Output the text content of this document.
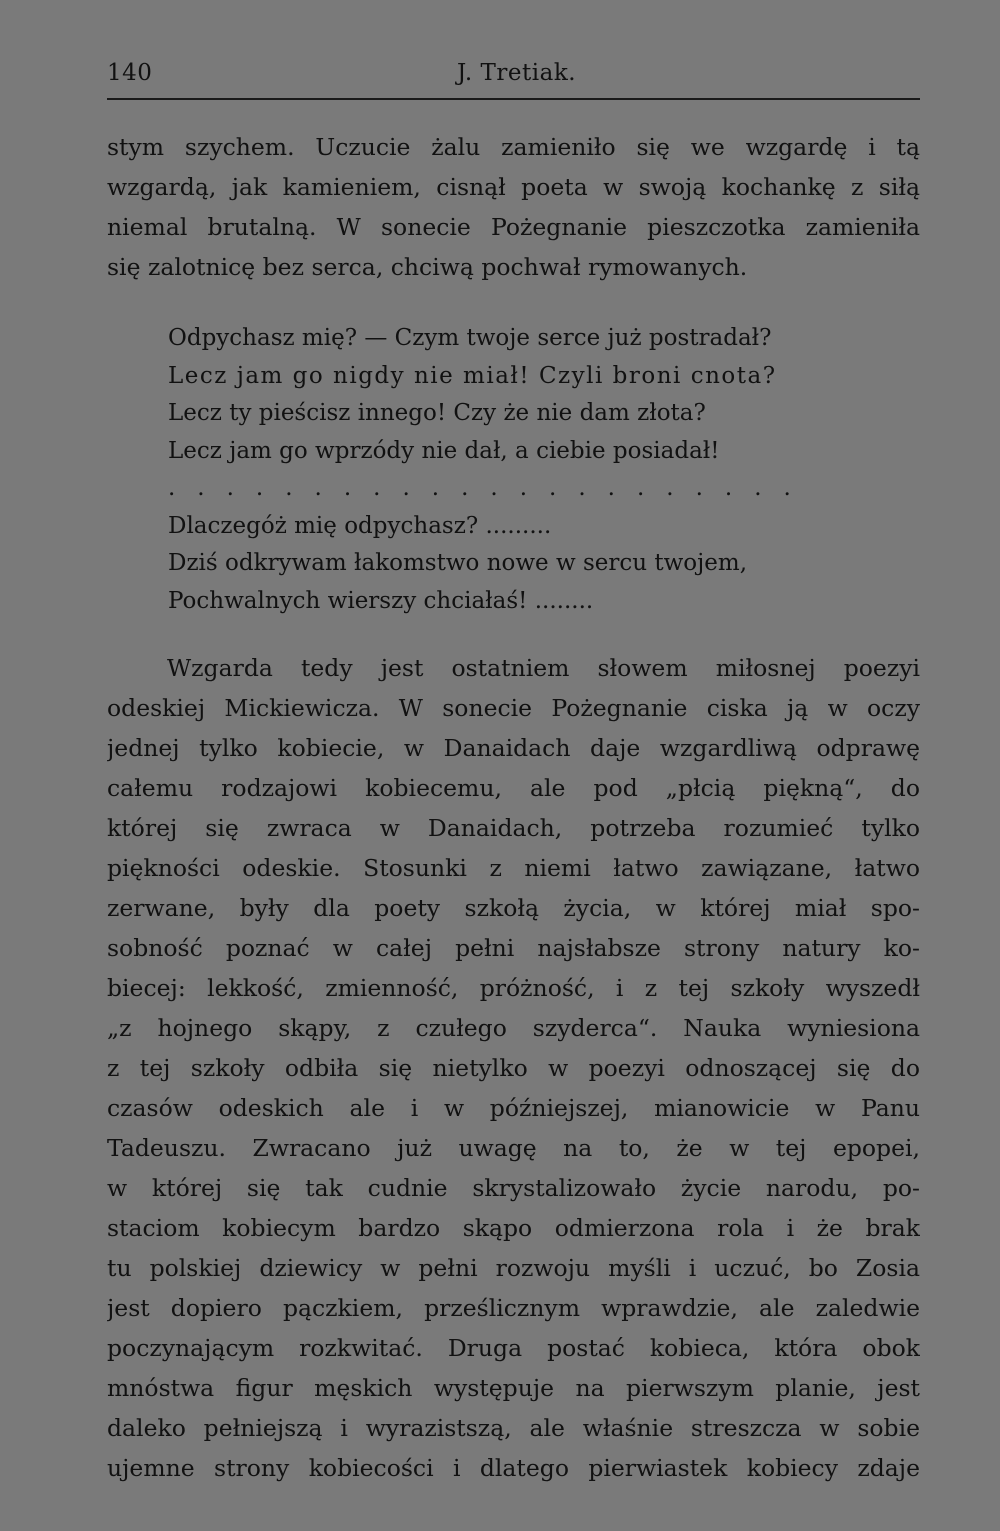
140	J. Tretiak.
stym szychem. Uczucie żalu zamieniło się we wzgardę i tą
wzgardą, jak kamieniem, cisnął poeta w swoją kochankę z siłą
niemal brutalną. W sonecie Pożegnanie pieszczotka zamieniła
się zalotnicę bez serca, chciwą pochwał rymowanych.
Odpychasz mię? — Czym twoje serce już postradał?
Lecz jam go nigdy nie miał! Czyli broni cnota?
Lecz ty pieścisz innego! Czy że nie dam złota?
Lecz jam go wprzódy nie dał, a ciebie posiadał!
......................
Dlaczegóż mię odpychasz? .........
Dziś odkrywam łakomstwo nowe w sercu twojem,
Pochwalnych wierszy chciałaś! ........
Wzgarda tedy jest ostatniem słowem miłosnej poezyi
odeskiej Mickiewicza. W sonecie Pożegnanie ciska ją w oczy
jednej tylko kobiecie, w Danaidach daje wzgardliwą odprawę
całemu rodzajowi kobiecemu, ale pod „płcią piękną“, do
której się zwraca w Danaidach, potrzeba rozumieć tylko
piękności odeskie. Stosunki z niemi łatwo zawiązane, łatwo
zerwane, były dla poety szkołą życia, w której miał spo-
sobność poznać w całej pełni najsłabsze strony natury ko-
biecej: lekkość, zmienność, próżność, i z tej szkoły wyszedł
„z hojnego skąpy, z czułego szyderca“. Nauka wyniesiona
z tej szkoły odbiła się nietylko w poezyi odnoszącej się do
czasów odeskich ale i w późniejszej, mianowicie w Panu
Tadeuszu. Zwracano już uwagę na to, że w tej epopei,
w której się tak cudnie skrystalizowało życie narodu, po-
staciom kobiecym bardzo skąpo odmierzona rola i że brak
tu polskiej dziewicy w pełni rozwoju myśli i uczuć, bo Zosia
jest dopiero pączkiem, prześlicznym wprawdzie, ale zaledwie
poczynającym rozkwitać. Druga postać kobieca, która obok
mnóstwa figur męskich występuje na pierwszym planie, jest
daleko pełniejszą i wyrazistszą, ale właśnie streszcza w sobie
ujemne strony kobiecości i dlatego pierwiastek kobiecy zdaje
